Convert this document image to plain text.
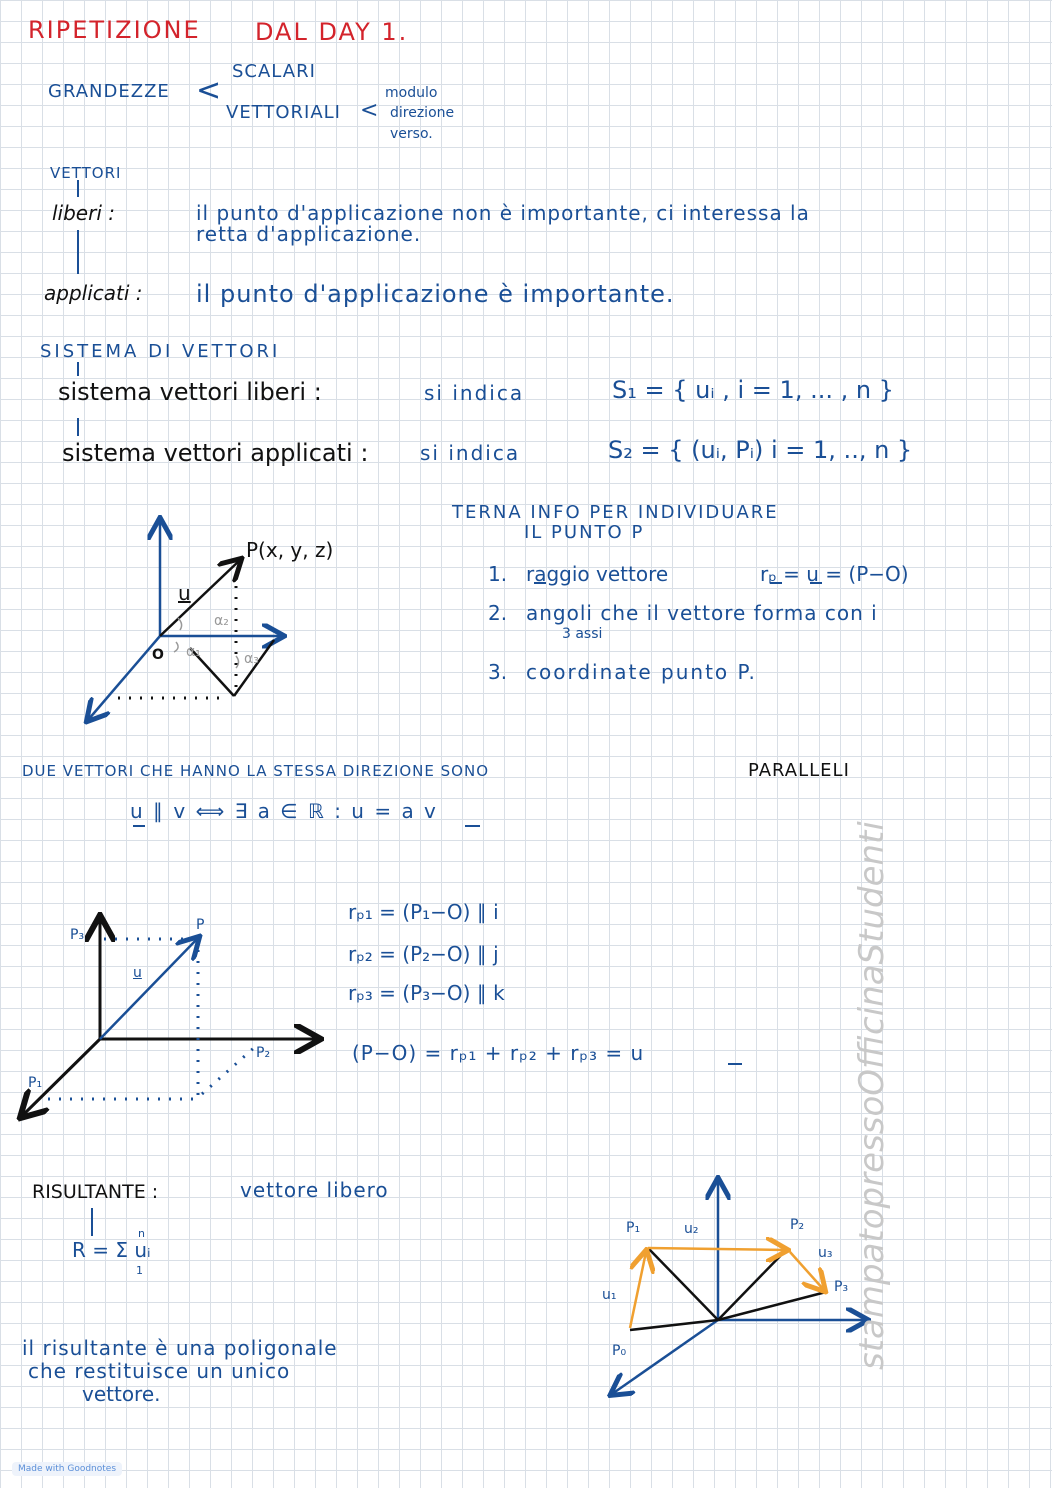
RIPETIZIONE DAL DAY 1.
GRANDEZZE <
SCALARI
VETTORIALI <
modulo
direzione
verso.
VETTORI
liberi :	il punto d'applicazione non è importante, ci interessa la
retta d'applicazione.
applicati : il punto d'applicazione è importante.
SISTEMA DI VETTORI
sistema vettori liberi :	si indica	S₁ = { uᵢ , i = 1, ... , n }
sistema vettori applicati :	si indica	S₂ = { (uᵢ, Pᵢ) i = 1, .., n }
TERNA INFO PER INDIVIDUARE
IL PUNTO P
1. raggio vettore	rₚ = u = (P−O)
2. angoli che il vettore forma con i
3 assi
3. coordinate punto P.
DUE VETTORI CHE HANNO LA STESSA DIREZIONE SONO	PARALLELI
u ∥ v ⟺ ∃ a ∈ ℝ : u = a v
rₚ₁ = (P₁−O) ∥ i
rₚ₂ = (P₂−O) ∥ j
rₚ₃ = (P₃−O) ∥ k
(P−O) = rₚ₁ + rₚ₂ + rₚ₃ = u
RISULTANTE :	vettore libero
R = Σ uᵢ
n
1
il risultante è una poligonale
che restituisce un unico
vettore.
P(x, y, z)
u
O α₁
α₂
α₃
P₃
P
u
P₂
P₁
P₁	u₂	P₂
u₃
P₃
u₁
P₀	stampatopressoOfficinaStudenti
Made with Goodnotes
